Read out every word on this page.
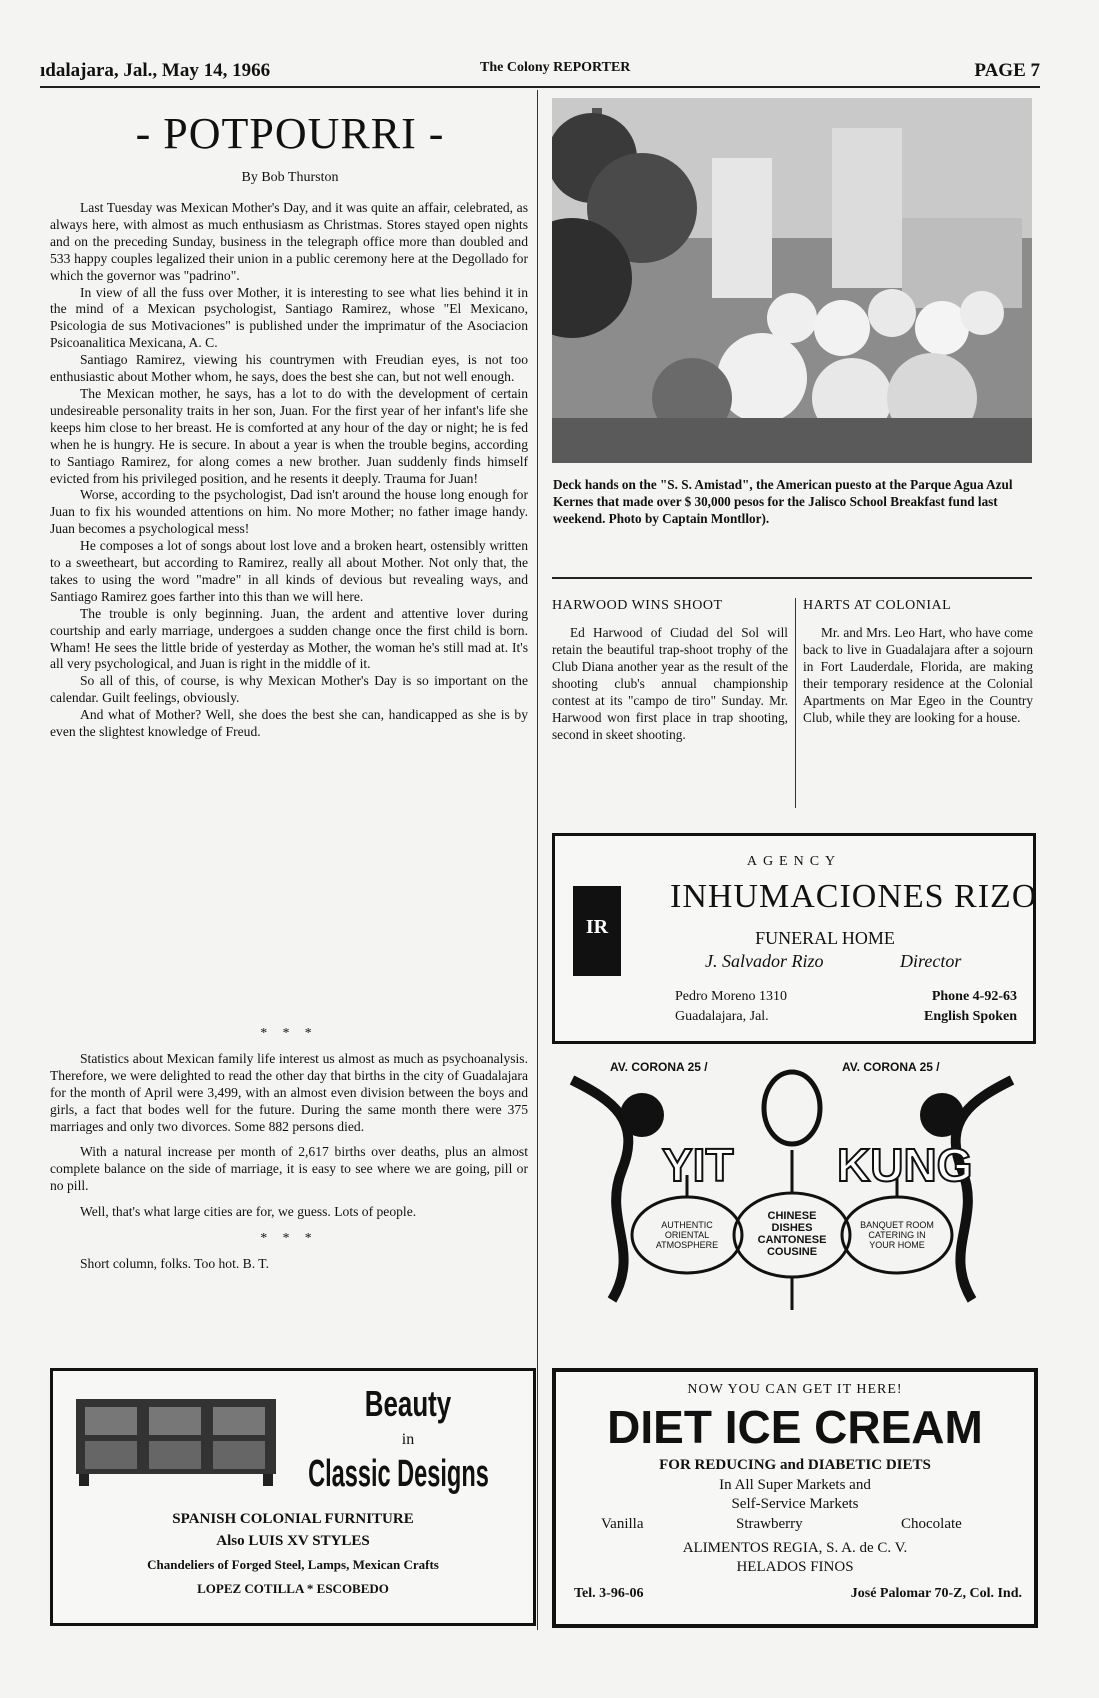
ıdalajara, Jal., May 14, 1966	The Colony REPORTER	PAGE 7
- POTPOURRI -
By Bob Thurston

Last Tuesday was Mexican Mother's Day, and it was quite an affair, celebrated, as always here, with almost as much enthusiasm as Christmas. Stores stayed open nights and on the preceding Sunday, business in the telegraph office more than doubled and 533 happy couples legalized their union in a public ceremony here at the Degollado for which the governor was "padrino".

In view of all the fuss over Mother, it is interesting to see what lies behind it in the mind of a Mexican psychologist, Santiago Ramirez, whose "El Mexicano, Psicologia de sus Motivaciones" is published under the imprimatur of the Asociacion Psicoanalitica Mexicana, A. C.

Santiago Ramirez, viewing his countrymen with Freudian eyes, is not too enthusiastic about Mother whom, he says, does the best she can, but not well enough.

The Mexican mother, he says, has a lot to do with the development of certain undesireable personality traits in her son, Juan. For the first year of her infant's life she keeps him close to her breast. He is comforted at any hour of the day or night; he is fed when he is hungry. He is secure. In about a year is when the trouble begins, according to Santiago Ramirez, for along comes a new brother. Juan suddenly finds himself evicted from his privileged position, and he resents it deeply. Trauma for Juan!

Worse, according to the psychologist, Dad isn't around the house long enough for Juan to fix his wounded attentions on him. No more Mother; no father image handy. Juan becomes a psychological mess!

He composes a lot of songs about lost love and a broken heart, ostensibly written to a sweetheart, but according to Ramirez, really all about Mother. Not only that, the takes to using the word "madre" in all kinds of devious but revealing ways, and Santiago Ramirez goes farther into this than we will here.

The trouble is only beginning. Juan, the ardent and attentive lover during courtship and early marriage, undergoes a sudden change once the first child is born. Wham! He sees the little bride of yesterday as Mother, the woman he's still mad at. It's all very psychological, and Juan is right in the middle of it.

So all of this, of course, is why Mexican Mother's Day is so important on the calendar. Guilt feelings, obviously.

And what of Mother? Well, she does the best she can, handicapped as she is by even the slightest knowledge of Freud.

* * *

Statistics about Mexican family life interest us almost as much as psychoanalysis. Therefore, we were delighted to read the other day that births in the city of Guadalajara for the month of April were 3,499, with an almost even division between the boys and girls, a fact that bodes well for the future. During the same month there were 375 marriages and only two divorces. Some 882 persons died.

With a natural increase per month of 2,617 births over deaths, plus an almost complete balance on the side of marriage, it is easy to see where we are going, pill or no pill.

Well, that's what large cities are for, we guess. Lots of people.

* * *

Short column, folks. Too hot. B. T.

Deck hands on the "S. S. Amistad", the American puesto at the Parque Agua Azul Kernes that made over $ 30,000 pesos for the Jalisco School Breakfast fund last weekend. Photo by Captain Montllor).
HARWOOD WINS SHOOT

Ed Harwood of Ciudad del Sol will retain the beautiful trap-shoot trophy of the Club Diana another year as the result of the shooting club's annual championship contest at its "campo de tiro" Sunday. Mr. Harwood won first place in trap shooting, second in skeet shooting.

HARTS AT COLONIAL

Mr. and Mrs. Leo Hart, who have come back to live in Guadalajara after a sojourn in Fort Lauderdale, Florida, are making their temporary residence at the Colonial Apartments on Mar Egeo in the Country Club, while they are looking for a house.

AGENCY
IR
INHUMACIONES RIZO
FUNERAL HOME
J. Salvador Rizo	Director
Pedro Moreno 1310
Guadalajara, Jal.
Phone 4-92-63
English Spoken
AV. CORONA 25 /	AV. CORONA 25 /
YIT KUNG
AUTHENTIC ORIENTAL ATMOSPHERE
CHINESE DISHES CANTONESE COUSINE
BANQUET ROOM CATERING IN YOUR HOME
Beauty
in
Classic Designs
SPANISH COLONIAL FURNITURE
Also LUIS XV STYLES
Chandeliers of Forged Steel, Lamps, Mexican Crafts
LOPEZ COTILLA * ESCOBEDO
NOW YOU CAN GET IT HERE!
DIET ICE CREAM
FOR REDUCING and DIABETIC DIETS
In All Super Markets and
Self-Service Markets
Vanilla	Strawberry	Chocolate
ALIMENTOS REGIA, S. A. de C. V.
HELADOS FINOS
Tel. 3-96-06	José Palomar 70-Z, Col. Ind.
